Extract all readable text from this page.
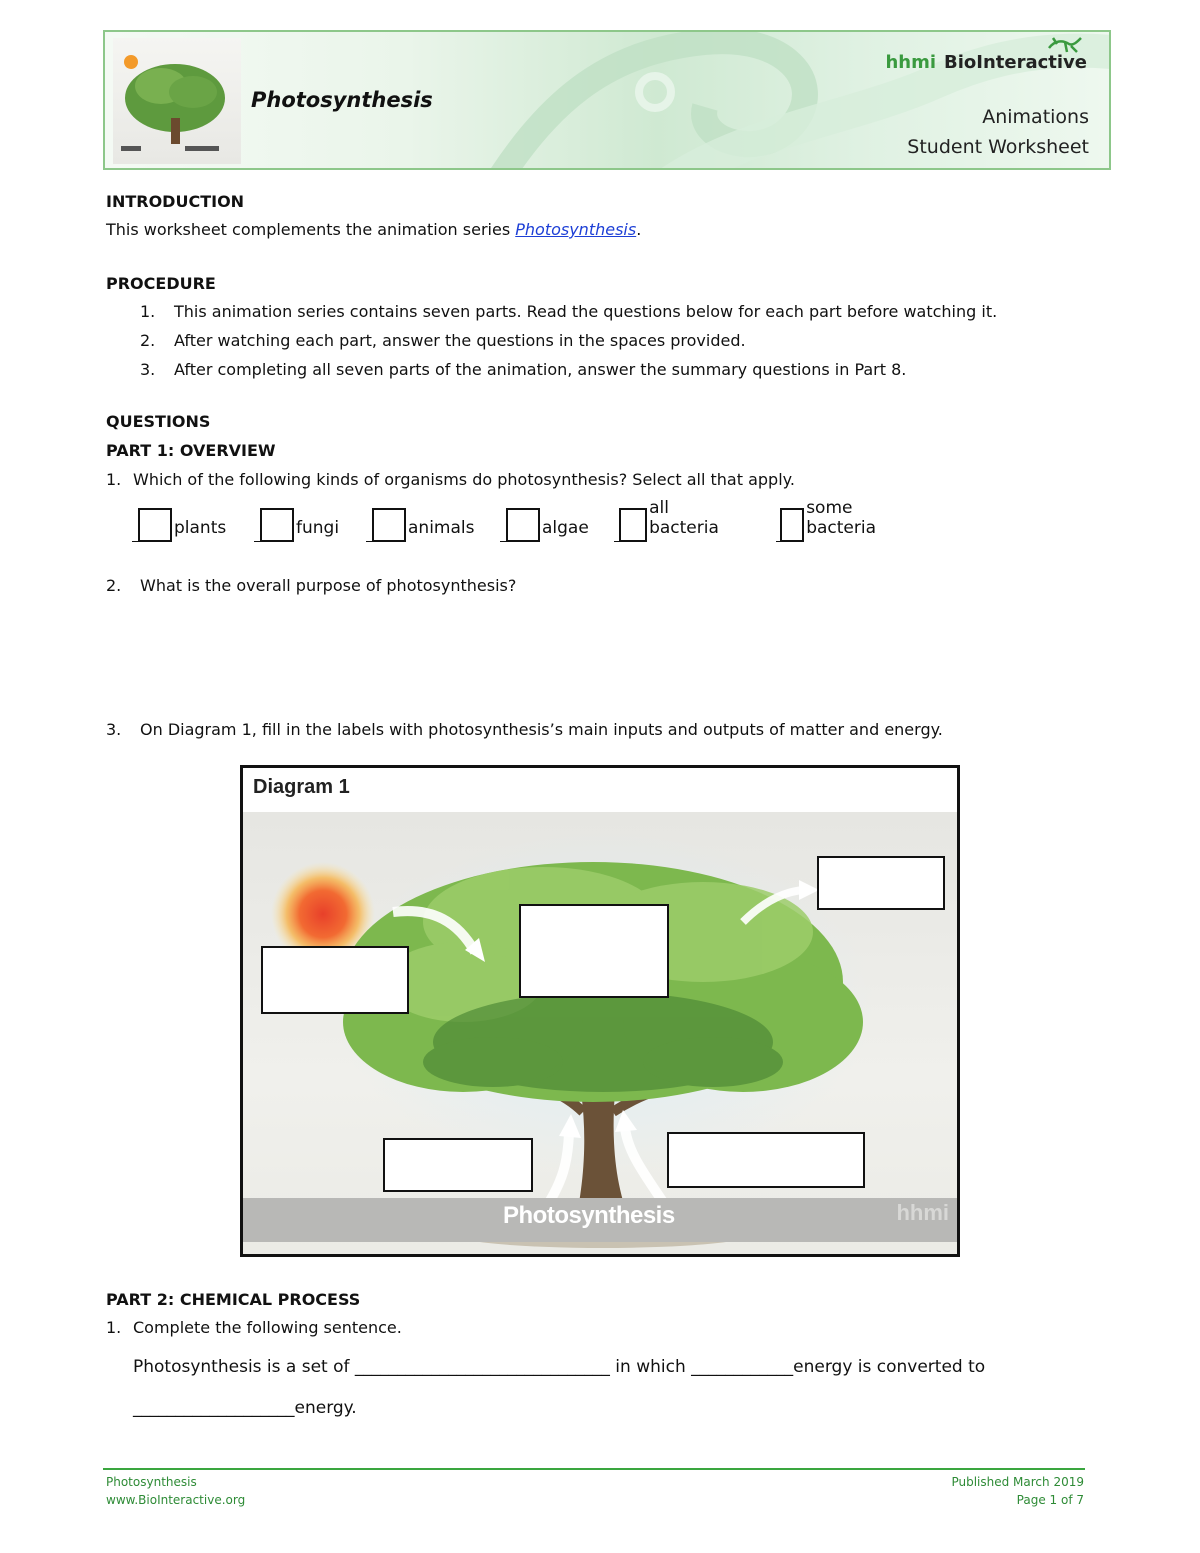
Photosynthesis
hhmi BioInteractive
Animations
Student Worksheet
INTRODUCTION
This worksheet complements the animation series Photosynthesis.
PROCEDURE
1. This animation series contains seven parts. Read the questions below for each part before watching it.
2. After watching each part, answer the questions in the spaces provided.
3. After completing all seven parts of the animation, answer the summary questions in Part 8.
QUESTIONS
PART 1: OVERVIEW
1. Which of the following kinds of organisms do photosynthesis? Select all that apply.
plants	fungi	animals	algae
all bacteria
some bacteria
2. What is the overall purpose of photosynthesis?
3. On Diagram 1, fill in the labels with photosynthesis’s main inputs and outputs of matter and energy.
Diagram 1
Photosynthesis	hhmi
PART 2: CHEMICAL PROCESS
1. Complete the following sentence.
Photosynthesis is a set of ______________________________ in which ____________energy is converted to
___________________energy.
Photosynthesis
www.BioInteractive.org
Published March 2019
Page 1 of 7
